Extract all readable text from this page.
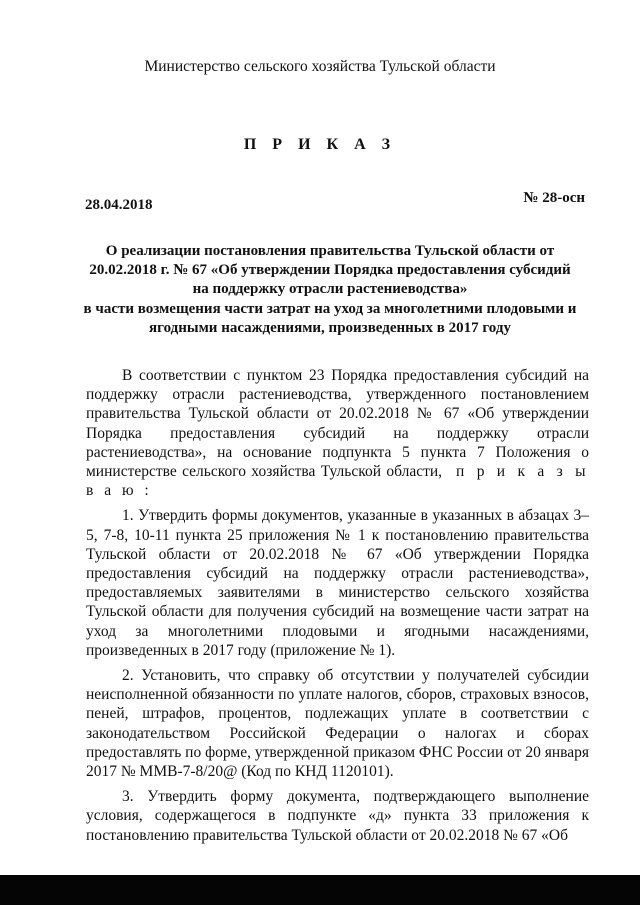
Министерство сельского хозяйства Тульской области
П Р И К А З
28.04.2018	№ 28-осн
О реализации постановления правительства Тульской области от
20.02.2018 г. № 67 «Об утверждении Порядка предоставления субсидий
на поддержку отрасли растениеводства»
в части возмещения части затрат на уход за многолетними плодовыми и
ягодными насаждениями, произведенных в 2017 году

В соответствии с пунктом 23 Порядка предоставления субсидий на поддержку отрасли растениеводства, утвержденного постановлением правительства Тульской области от 20.02.2018 № 67 «Об утверждении Порядка предоставления субсидий на поддержку отрасли растениеводства», на основание подпункта 5 пункта 7 Положения о министерстве сельского хозяйства Тульской области, п р и к а з ы в а ю :

1. Утвердить формы документов, указанные в указанных в абзацах 3–5, 7-8, 10-11 пункта 25 приложения № 1 к постановлению правительства Тульской области от 20.02.2018 № 67 «Об утверждении Порядка предоставления субсидий на поддержку отрасли растениеводства», предоставляемых заявителями в министерство сельского хозяйства Тульской области для получения субсидий на возмещение части затрат на уход за многолетними плодовыми и ягодными насаждениями, произведенных в 2017 году (приложение № 1).

2. Установить, что справку об отсутствии у получателей субсидии неисполненной обязанности по уплате налогов, сборов, страховых взносов, пеней, штрафов, процентов, подлежащих уплате в соответствии с законодательством Российской Федерации о налогах и сборах предоставлять по форме, утвержденной приказом ФНС России от 20 января 2017 № ММВ-7-8/20@ (Код по КНД 1120101).

3. Утвердить форму документа, подтверждающего выполнение условия, содержащегося в подпункте «д» пункта 33 приложения к постановлению правительства Тульской области от 20.02.2018 № 67 «Об
